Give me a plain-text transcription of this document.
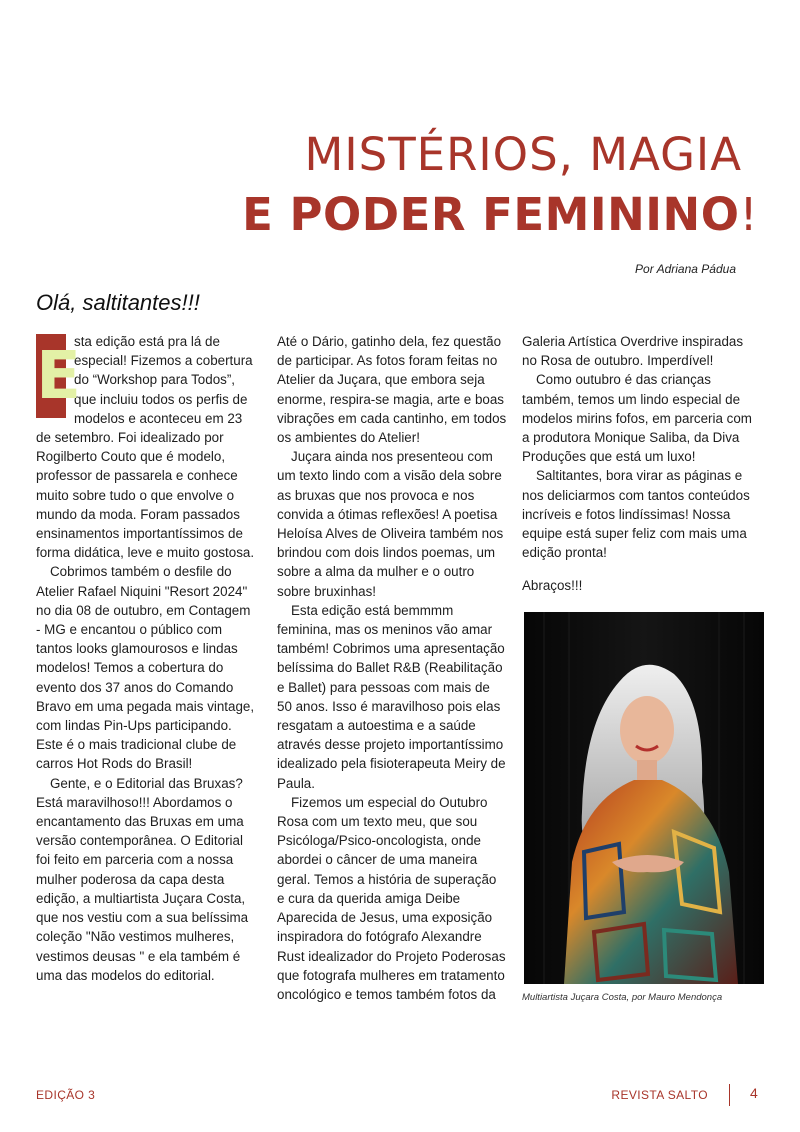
MISTÉRIOS, MAGIA
E PODER FEMININO!
Por Adriana Pádua
Olá, saltitantes!!!
E

sta edição está pra lá de especial! Fizemos a cobertura do “Workshop para Todos”, que incluiu todos os perfis de modelos e aconteceu em 23 de setembro. Foi idealizado por Rogilberto Couto que é modelo, professor de passarela e conhece muito sobre tudo o que envolve o mundo da moda. Foram passados ensinamentos importantíssimos de forma didática, leve e muito gostosa.

Cobrimos também o desfile do Atelier Rafael Niquini "Resort 2024" no dia 08 de outubro, em Contagem - MG e encantou o público com tantos looks glamourosos e lindas modelos! Temos a cobertura do evento dos 37 anos do Comando Bravo em uma pegada mais vintage, com lindas Pin-Ups participando. Este é o mais tradicional clube de carros Hot Rods do Brasil!

Gente, e o Editorial das Bruxas? Está maravilhoso!!! Abordamos o encantamento das Bruxas em uma versão contemporânea. O Editorial foi feito em parceria com a nossa mulher poderosa da capa desta edição, a multiartista Juçara Costa, que nos vestiu com a sua belíssima coleção "Não vestimos mulheres, vestimos deusas " e ela também é uma das modelos do editorial.

Até o Dário, gatinho dela, fez questão de participar. As fotos foram feitas no Atelier da Juçara, que embora seja enorme, respira-se magia, arte e boas vibrações em cada cantinho, em todos os ambientes do Atelier!

Juçara ainda nos presenteou com um texto lindo com a visão dela sobre as bruxas que nos provoca e nos convida a ótimas reflexões! A poetisa Heloísa Alves de Oliveira também nos brindou com dois lindos poemas, um sobre a alma da mulher e o outro sobre bruxinhas!

Esta edição está bemmmm feminina, mas os meninos vão amar também! Cobrimos uma apresentação belíssima do Ballet R&B (Reabilitação e Ballet) para pessoas com mais de 50 anos. Isso é maravilhoso pois elas resgatam a autoestima e a saúde através desse projeto importantíssimo idealizado pela fisioterapeuta Meiry de Paula.

Fizemos um especial do Outubro Rosa com um texto meu, que sou Psicóloga/Psico-oncologista, onde abordei o câncer de uma maneira geral. Temos a história de superação e cura da querida amiga Deibe Aparecida de Jesus, uma exposição inspiradora do fotógrafo Alexandre Rust idealizador do Projeto Poderosas que fotografa mulheres em tratamento oncológico e temos também fotos da

Galeria Artística Overdrive inspiradas no Rosa de outubro. Imperdível!

Como outubro é das crianças também, temos um lindo especial de modelos mirins fofos, em parceria com a produtora Monique Saliba, da Diva Produções que está um luxo!

Saltitantes, bora virar as páginas e nos deliciarmos com tantos conteúdos incríveis e fotos lindíssimas! Nossa equipe está super feliz com mais uma edição pronta!

Abraços!!!

Multiartista Juçara Costa, por Mauro Mendonça
EDIÇÃO 3	REVISTA SALTO	4
